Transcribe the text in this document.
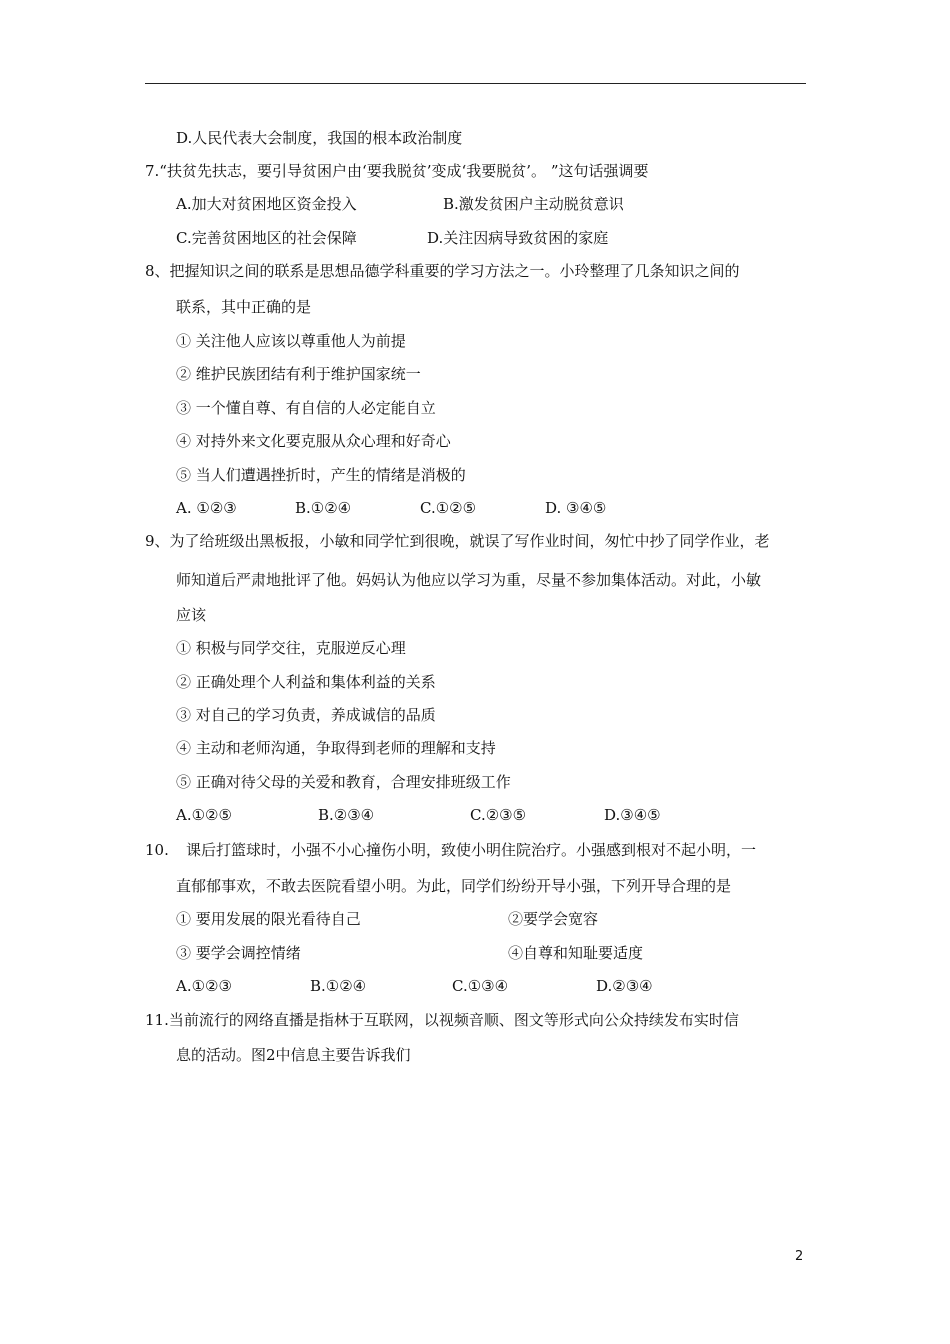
D.人民代表大会制度，我国的根本政治制度
7.“扶贫先扶志，要引导贫困户由‘要我脱贫’变成‘我要脱贫’。 ”这句话强调要
A.加大对贫困地区资金投入	B.激发贫困户主动脱贫意识
C.完善贫困地区的社会保障	D.关注因病导致贫困的家庭
8、把握知识之间的联系是思想品德学科重要的学习方法之一。小玲整理了几条知识之间的
联系，其中正确的是
① 关注他人应该以尊重他人为前提
② 维护民族团结有利于维护国家统一
③ 一个懂自尊、有自信的人必定能自立
④ 对持外来文化要克服从众心理和好奇心
⑤ 当人们遭遇挫折时，产生的情绪是消极的
A. ①②③	B.①②④	C.①②⑤	D. ③④⑤
9、为了给班级出黑板报，小敏和同学忙到很晚，就误了写作业时间，匆忙中抄了同学作业，老
师知道后严肃地批评了他。妈妈认为他应以学习为重，尽量不参加集体活动。对此，小敏
应该
① 积极与同学交往，克服逆反心理
② 正确处理个人利益和集体利益的关系
③ 对自己的学习负责，养成诚信的品质
④ 主动和老师沟通，争取得到老师的理解和支持
⑤ 正确对待父母的关爱和教育，合理安排班级工作
A.①②⑤	B.②③④	C.②③⑤	D.③④⑤
10. 课后打篮球时，小强不小心撞伤小明，致使小明住院治疗。小强感到根对不起小明，一
直郁郁事欢，不敢去医院看望小明。为此，同学们纷纷开导小强，下列开导合理的是
① 要用发展的限光看待自己	②要学会宽容
③ 要学会调控情绪	④自尊和知耻要适度
A.①②③	B.①②④	C.①③④	D.②③④
11.当前流行的网络直播是指林于互联网，以视频音顺、图文等形式向公众持续发布实时信
息的活动。图2中信息主要告诉我们
2
